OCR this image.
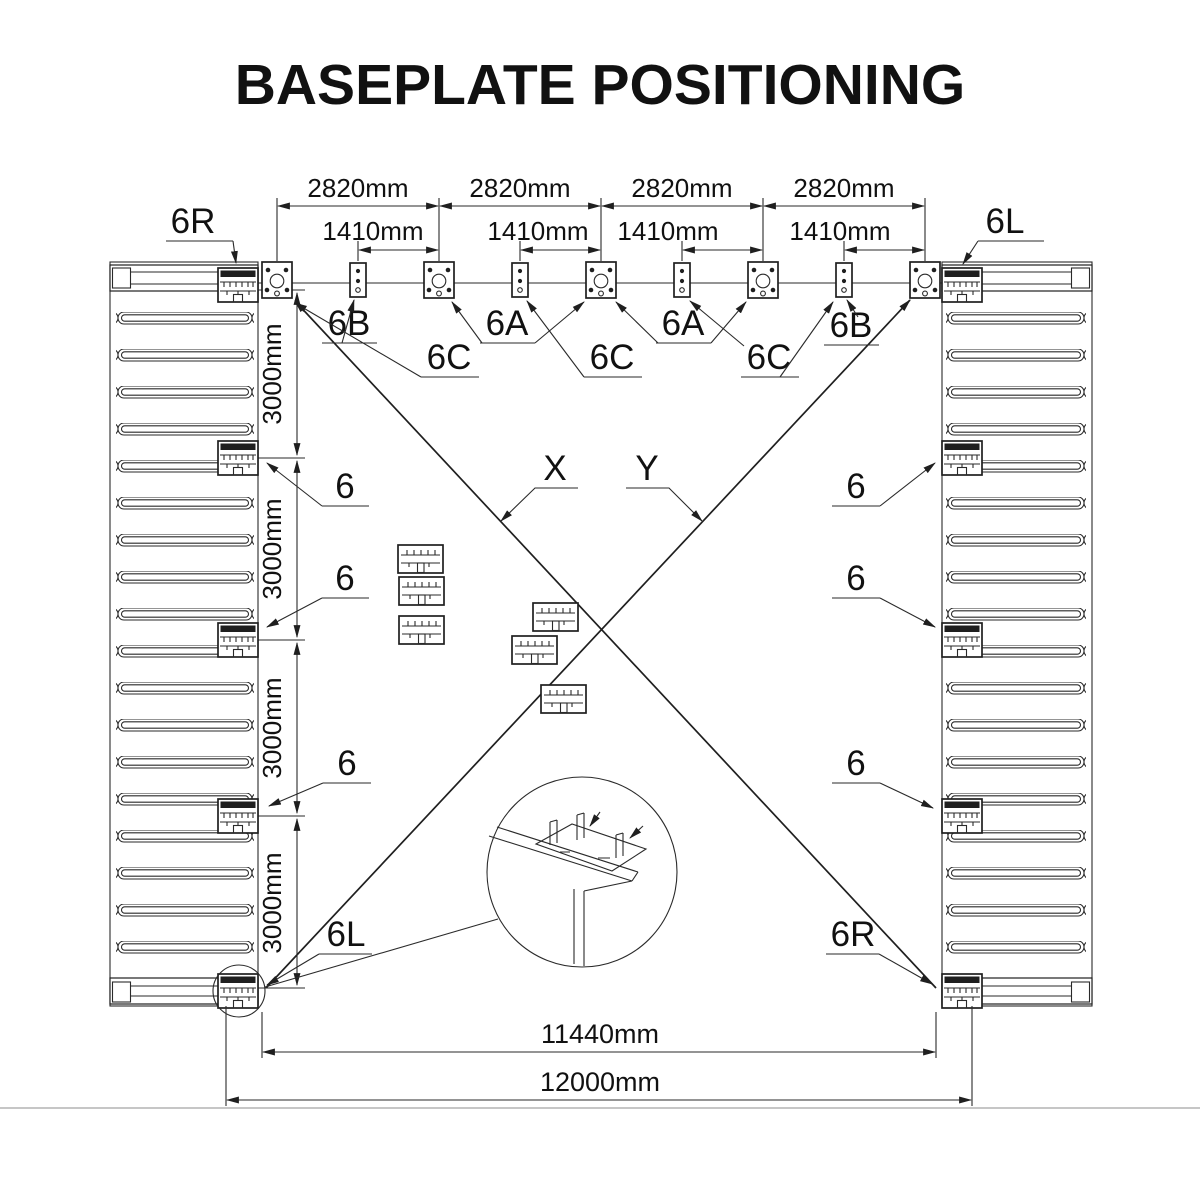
BASEPLATE POSITIONING
2820mm 2820mm 2820mm 2820mm
1410mm 1410mm 1410mm	1410mm
3000mm
3000mm
3000mm
3000mm
6R	6L
6B
6C
6A
6C
6A
6C
6B
X Y
6
6
6
6
6
6
6L	6R
11440mm
12000mm
